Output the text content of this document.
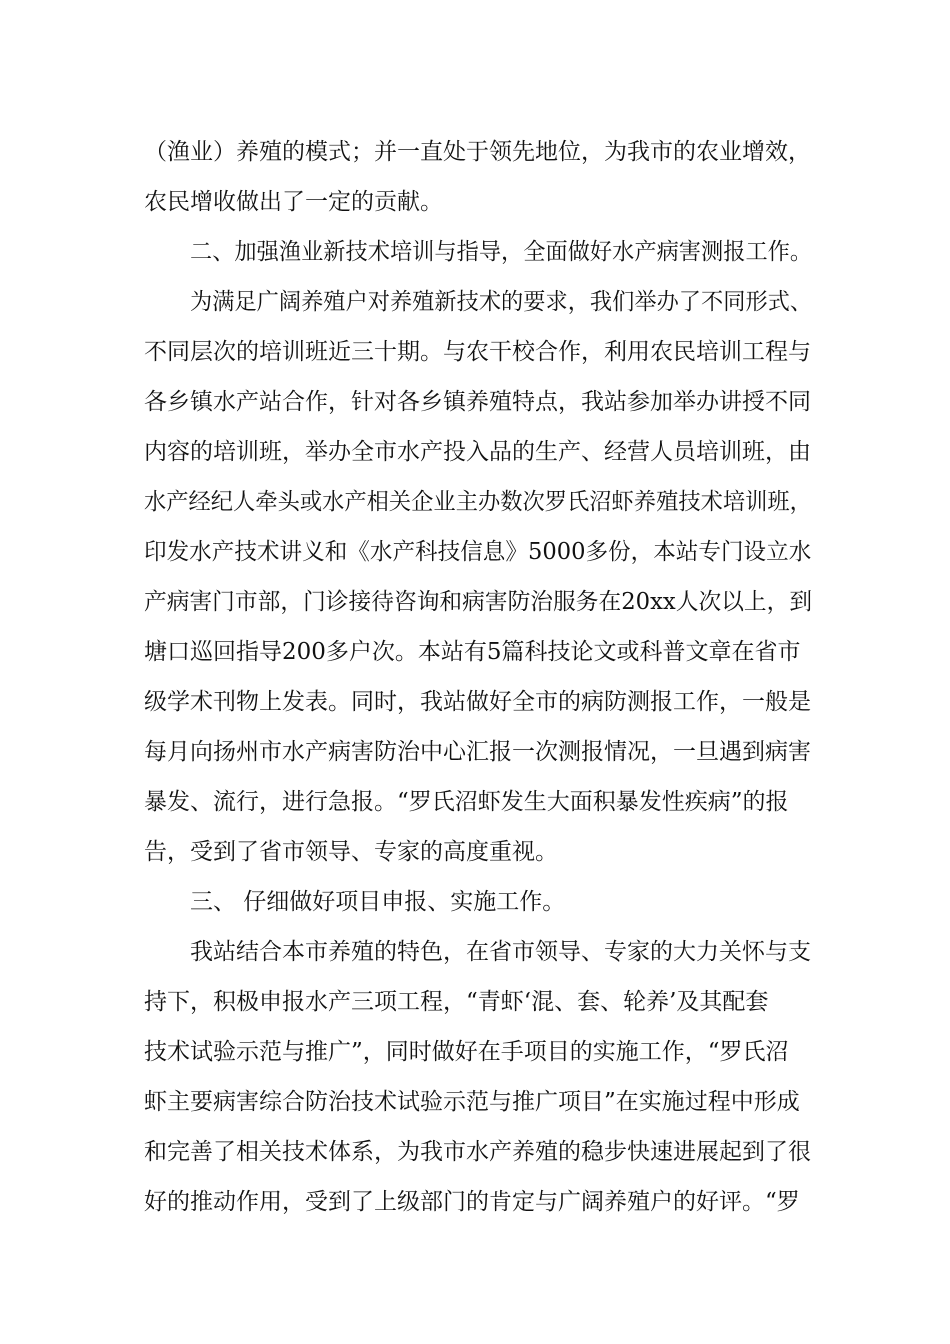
（渔业）养殖的模式；并一直处于领先地位，为我市的农业增效，

农民增收做出了一定的贡献。

二、加强渔业新技术培训与指导，全面做好水产病害测报工作。

为满足广阔养殖户对养殖新技术的要求，我们举办了不同形式、

不同层次的培训班近三十期。与农干校合作，利用农民培训工程与

各乡镇水产站合作，针对各乡镇养殖特点，我站参加举办讲授不同

内容的培训班，举办全市水产投入品的生产、经营人员培训班，由

水产经纪人牵头或水产相关企业主办数次罗氏沼虾养殖技术培训班，

印发水产技术讲义和《水产科技信息》5000多份，本站专门设立水

产病害门市部，门诊接待咨询和病害防治服务在20xx人次以上，到

塘口巡回指导200多户次。本站有5篇科技论文或科普文章在省市

级学术刊物上发表。同时，我站做好全市的病防测报工作，一般是

每月向扬州市水产病害防治中心汇报一次测报情况，一旦遇到病害

暴发、流行，进行急报。“罗氏沼虾发生大面积暴发性疾病”的报

告，受到了省市领导、专家的高度重视。

三、 仔细做好项目申报、实施工作。

我站结合本市养殖的特色，在省市领导、专家的大力关怀与支

持下，积极申报水产三项工程，“青虾‘混、套、轮养’及其配套

技术试验示范与推广”，同时做好在手项目的实施工作，“罗氏沼

虾主要病害综合防治技术试验示范与推广项目”在实施过程中形成

和完善了相关技术体系，为我市水产养殖的稳步快速进展起到了很

好的推动作用，受到了上级部门的肯定与广阔养殖户的好评。“罗
